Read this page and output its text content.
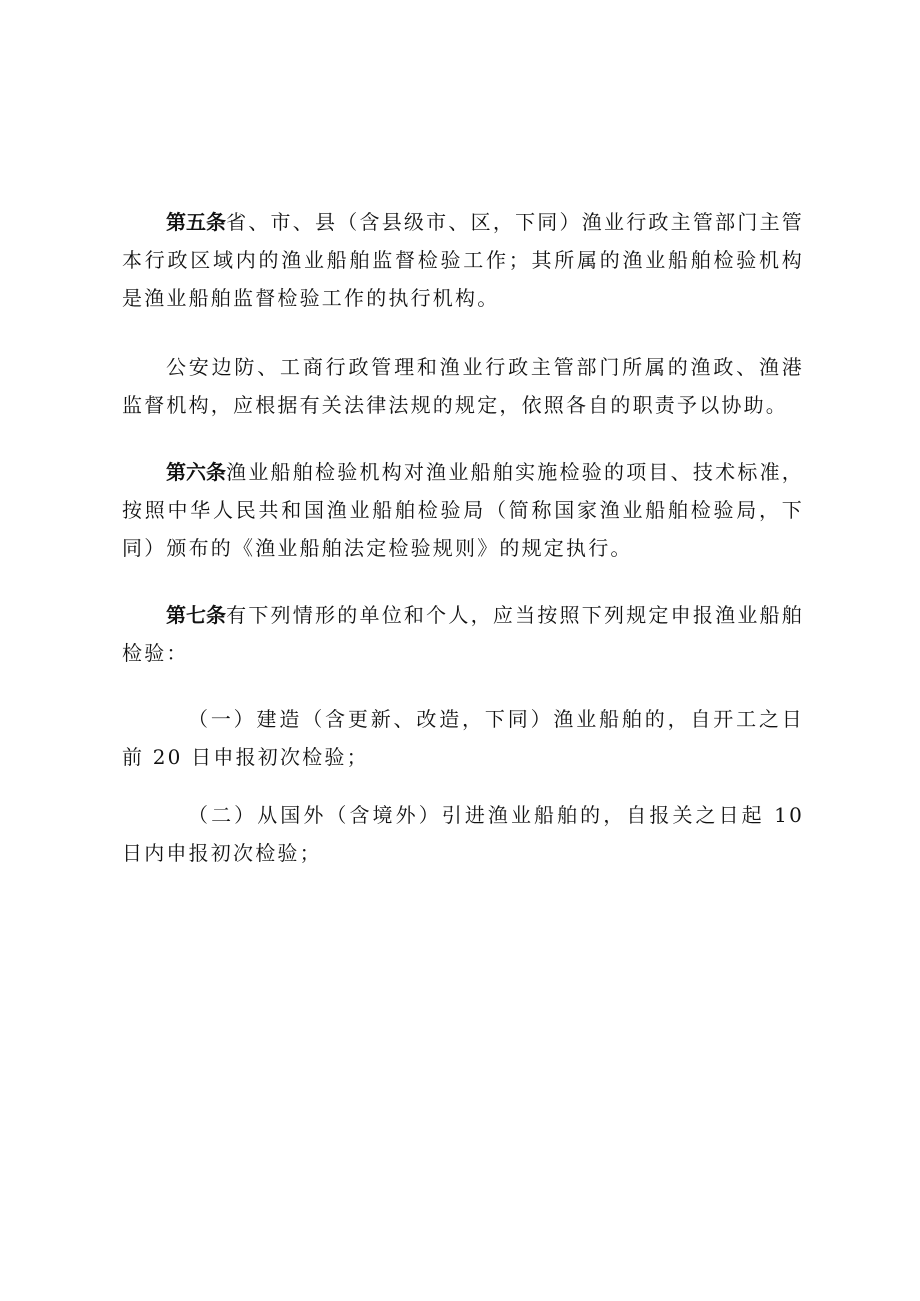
第五条省、市、县（含县级市、区，下同）渔业行政主管部门主管本行政区域内的渔业船舶监督检验工作；其所属的渔业船舶检验机构是渔业船舶监督检验工作的执行机构。

公安边防、工商行政管理和渔业行政主管部门所属的渔政、渔港监督机构，应根据有关法律法规的规定，依照各自的职责予以协助。

第六条渔业船舶检验机构对渔业船舶实施检验的项目、技术标准，按照中华人民共和国渔业船舶检验局（简称国家渔业船舶检验局，下同）颁布的《渔业船舶法定检验规则》的规定执行。

第七条有下列情形的单位和个人，应当按照下列规定申报渔业船舶检验：

（一）建造（含更新、改造，下同）渔业船舶的，自开工之日前 20 日申报初次检验；

（二）从国外（含境外）引进渔业船舶的，自报关之日起 10 日内申报初次检验；
